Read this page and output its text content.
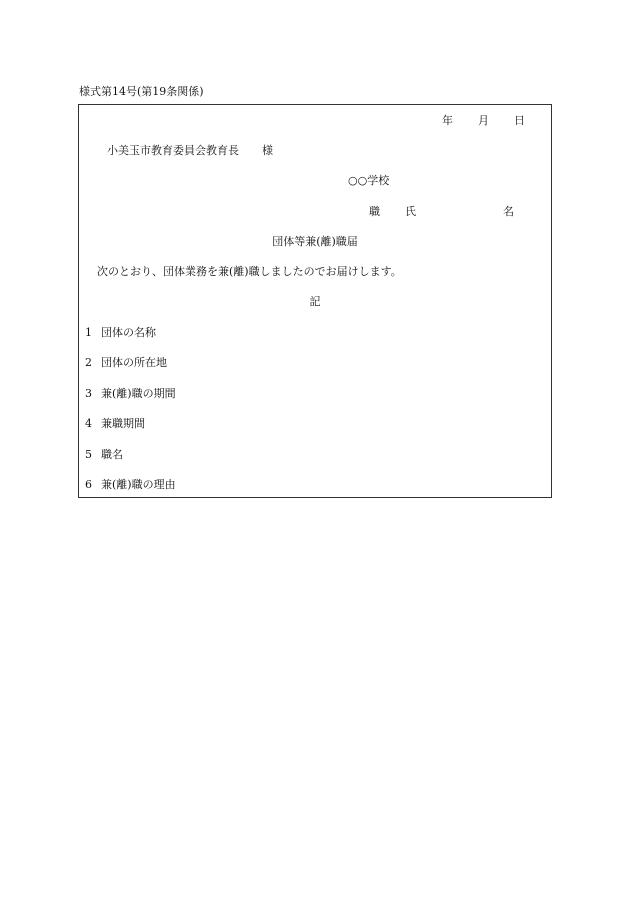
様式第14号(第19条関係)
年 月 日
小美玉市教育委員会教育長 様
○○学校
職 氏	名
団体等兼(離)職届
次のとおり、団体業務を兼(離)職しましたのでお届けします。
記
1 団体の名称
2 団体の所在地
3 兼(離)職の期間
4 兼職期間
5 職名
6 兼(離)職の理由
